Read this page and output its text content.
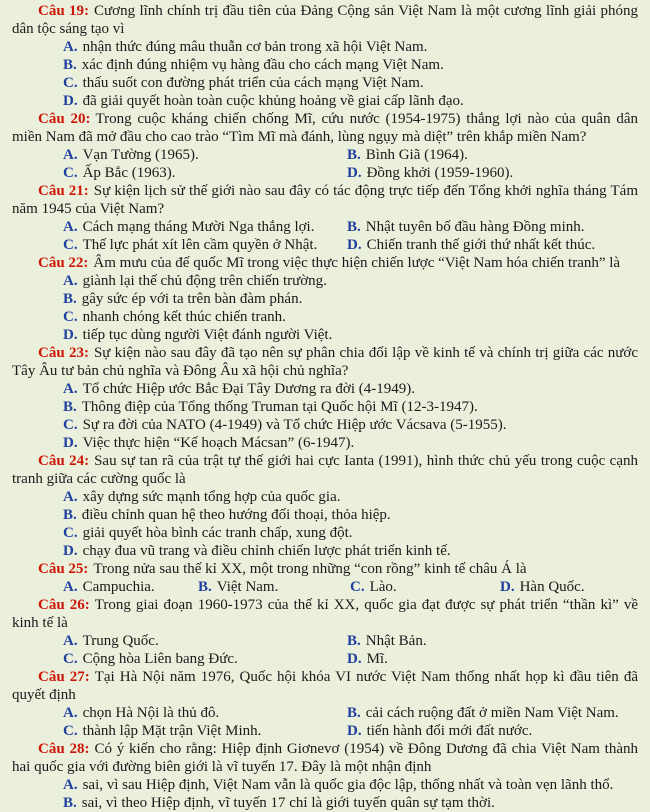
Câu 19: Cương lĩnh chính trị đầu tiên của Đảng Cộng sản Việt Nam là một cương lĩnh giải phóng dân tộc sáng tạo vì

A. nhận thức đúng mâu thuẫn cơ bản trong xã hội Việt Nam.
B. xác định đúng nhiệm vụ hàng đầu cho cách mạng Việt Nam.
C. thấu suốt con đường phát triển của cách mạng Việt Nam.
D. đã giải quyết hoàn toàn cuộc khủng hoảng về giai cấp lãnh đạo.

Câu 20: Trong cuộc kháng chiến chống Mĩ, cứu nước (1954-1975) thắng lợi nào của quân dân miền Nam đã mở đầu cho cao trào “Tìm Mĩ mà đánh, lùng ngụy mà diệt” trên khắp miền Nam?

A. Vạn Tường (1965).	B. Bình Giã (1964).
C. Ấp Bắc (1963).	D. Đồng khởi (1959-1960).

Câu 21: Sự kiện lịch sử thế giới nào sau đây có tác động trực tiếp đến Tổng khởi nghĩa tháng Tám năm 1945 của Việt Nam?

A. Cách mạng tháng Mười Nga thắng lợi.	B. Nhật tuyên bố đầu hàng Đồng minh.
C. Thế lực phát xít lên cầm quyền ở Nhật.	D. Chiến tranh thế giới thứ nhất kết thúc.

Câu 22: Âm mưu của đế quốc Mĩ trong việc thực hiện chiến lược “Việt Nam hóa chiến tranh” là

A. giành lại thế chủ động trên chiến trường.
B. gây sức ép với ta trên bàn đàm phán.
C. nhanh chóng kết thúc chiến tranh.
D. tiếp tục dùng người Việt đánh người Việt.

Câu 23: Sự kiện nào sau đây đã tạo nên sự phân chia đối lập về kinh tế và chính trị giữa các nước Tây Âu tư bản chủ nghĩa và Đông Âu xã hội chủ nghĩa?

A. Tổ chức Hiệp ước Bắc Đại Tây Dương ra đời (4-1949).
B. Thông điệp của Tổng thống Truman tại Quốc hội Mĩ (12-3-1947).
C. Sự ra đời của NATO (4-1949) và Tổ chức Hiệp ước Vácsava (5-1955).
D. Việc thực hiện “Kế hoạch Mácsan” (6-1947).

Câu 24: Sau sự tan rã của trật tự thế giới hai cực Ianta (1991), hình thức chủ yếu trong cuộc cạnh tranh giữa các cường quốc là

A. xây dựng sức mạnh tổng hợp của quốc gia.
B. điều chỉnh quan hệ theo hướng đối thoại, thỏa hiệp.
C. giải quyết hòa bình các tranh chấp, xung đột.
D. chạy đua vũ trang và điều chỉnh chiến lược phát triển kinh tế.

Câu 25: Trong nửa sau thế kỉ XX, một trong những “con rồng” kinh tế châu Á là

A. Campuchia.	B. Việt Nam.	C. Lào.	D. Hàn Quốc.

Câu 26: Trong giai đoạn 1960-1973 của thế kỉ XX, quốc gia đạt được sự phát triển “thần kì” về kinh tế là

A. Trung Quốc.	B. Nhật Bản.
C. Cộng hòa Liên bang Đức.	D. Mĩ.

Câu 27: Tại Hà Nội năm 1976, Quốc hội khóa VI nước Việt Nam thống nhất họp kì đầu tiên đã quyết định

A. chọn Hà Nội là thủ đô.	B. cải cách ruộng đất ở miền Nam Việt Nam.
C. thành lập Mặt trận Việt Minh.	D. tiến hành đổi mới đất nước.

Câu 28: Có ý kiến cho rằng: Hiệp định Giơnevơ (1954) về Đông Dương đã chia Việt Nam thành hai quốc gia với đường biên giới là vĩ tuyến 17. Đây là một nhận định

A. sai, vì sau Hiệp định, Việt Nam vẫn là quốc gia độc lập, thống nhất và toàn vẹn lãnh thổ.
B. sai, vì theo Hiệp định, vĩ tuyến 17 chỉ là giới tuyến quân sự tạm thời.
